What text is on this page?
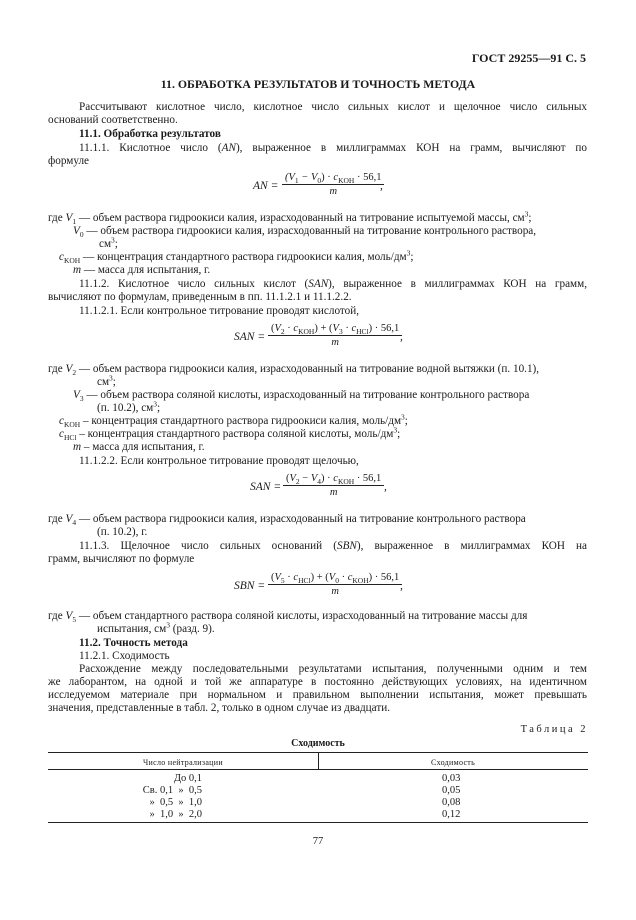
ГОСТ 29255—91 С. 5
11. ОБРАБОТКА РЕЗУЛЬТАТОВ И ТОЧНОСТЬ МЕТОДА
Рассчитывают кислотное число, кислотное число сильных кислот и щелочное число сильных
оснований соответственно.
11.1. Обработка результатов
11.1.1. Кислотное число (AN), выраженное в миллиграммах КОН на грамм, вычисляют по
формуле
AN =
$(V_1 - V_0) \cdot c_{KOH} \cdot 56,1$
m	,
где $V_1$ — объем раствора гидроокиси калия, израсходованный на титрование испытуемой массы, $см^3$;
$V_0$ — объем раствора гидроокиси калия, израсходованный на титрование контрольного раствора,
$см^3$;
$c_{KOH}$ — концентрация стандартного раствора гидроокиси калия, моль/$дм^3$;
m — масса для испытания, г.
11.1.2. Кислотное число сильных кислот (SAN), выраженное в миллиграммах КОН на грамм,
вычисляют по формулам, приведенным в пп. 11.1.2.1 и 11.1.2.2.
11.1.2.1. Если контрольное титрование проводят кислотой,
SAN =
$(V_2 \cdot c_{KOH}) + (V_3 \cdot c_{HCl}) \cdot 56,1$
m	,
где $V_2$ — объем раствора гидроокиси калия, израсходованный на титрование водной вытяжки (п. 10.1),
$см^3$;
$V_3$ — объем раствора соляной кислоты, израсходованный на титрование контрольного раствора
(п. 10.2), $см^3$;
$c_{KOH}$ – концентрация стандартного раствора гидроокиси калия, моль/$дм^3$;
$c_{HCl}$ – концентрация стандартного раствора соляной кислоты, моль/$дм^3$;
m – масса для испытания, г.
11.1.2.2. Если контрольное титрование проводят щелочью,
SAN =
$(V_2 - V_4) \cdot c_{KOH} \cdot 56,1$
m	,
где $V_4$ — объем раствора гидроокиси калия, израсходованный на титрование контрольного раствора
(п. 10.2), г.
11.1.3. Щелочное число сильных оснований (SBN), выраженное в миллиграммах КОН на
грамм, вычисляют по формуле
SBN =
$(V_5 \cdot c_{HCl}) + (V_0 \cdot c_{KOH}) \cdot 56,1$
m	,
где $V_5$ — объем стандартного раствора соляной кислоты, израсходованный на титрование массы для
испытания, $см^3$ (разд. 9).
11.2. Точность метода
11.2.1. Сходимость
Расхождение между последовательными результатами испытания, полученными одним и тем
же лаборантом, на одной и той же аппаратуре в постоянно действующих условиях, на идентичном
исследуемом материале при нормальном и правильном выполнении испытания, может превышать
значения, представленные в табл. 2, только в одном случае из двадцати.
Таблица 2
Сходимость
Число нейтрализации	Сходимость
До 0,1	0,03
Св. 0,1  »  0,5	0,05
»  0,5  »  1,0	0,08
»  1,0  »  2,0	0,12
77
